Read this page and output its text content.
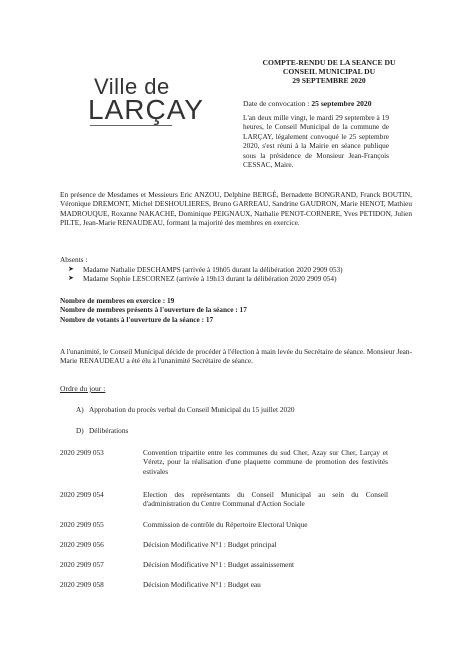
Ville de
LARÇAY
COMPTE-RENDU DE LA SEANCE DU
CONSEIL MUNICIPAL DU
29 SEPTEMBRE 2020
Date de convocation : 25 septembre 2020
L'an deux mille vingt, le mardi 29 septembre à 19 heures, le Conseil Municipal de la commune de LARÇAY, légalement convoqué le 25 septembre 2020, s'est réuni à la Mairie en séance publique sous la présidence de Monsieur Jean-François CESSAC, Maire.
En présence de Mesdames et Messieurs Eric ANZOU, Delphine BERGÉ, Bernadette BONGRAND, Franck BOUTIN, Véronique DREMONT, Michel DESHOULIERES, Bruno GARREAU, Sandrine GAUDRON, Marie HENOT, Mathieu MADROUQUE, Roxanne NAKACHE, Dominique PEIGNAUX, Nathalie PENOT-CORNERE, Yves PETIDON, Julien PILTE, Jean-Marie RENAUDEAU, formant la majorité des membres en exercice.
Absents :
➤ Madame Nathalie DESCHAMPS (arrivée à 19h05 durant la délibération 2020 2909 053)
➤ Madame Sophie LESCORNEZ (arrivée à 19h13 durant la délibération 2020 2909 054)
Nombre de membres en exercice : 19
Nombre de membres présents à l'ouverture de la séance : 17
Nombre de votants à l'ouverture de la séance : 17
A l'unanimité, le Conseil Municipal décide de procéder à l'élection à main levée du Secrétaire de séance. Monsieur Jean-Marie RENAUDEAU a été élu à l'unanimité Secrétaire de séance.
Ordre du jour :
A) Approbation du procès verbal du Conseil Municipal du 15 juillet 2020
D) Délibérations
2020 2909 053	Convention tripartite entre les communes du sud Cher, Azay sur Cher, Larçay et Véretz, pour la réalisation d'une plaquette commune de promotion des festivités estivales
2020 2909 054	Election des représentants du Conseil Municipal au sein du Conseil d'administration du Centre Communal d'Action Sociale
2020 2909 055	Commission de contrôle du Répertoire Electoral Unique
2020 2909 056	Décision Modificative N°1 : Budget principal
2020 2909 057	Décision Modificative N°1 : Budget assainissement
2020 2909 058	Décision Modificative N°1 : Budget eau
